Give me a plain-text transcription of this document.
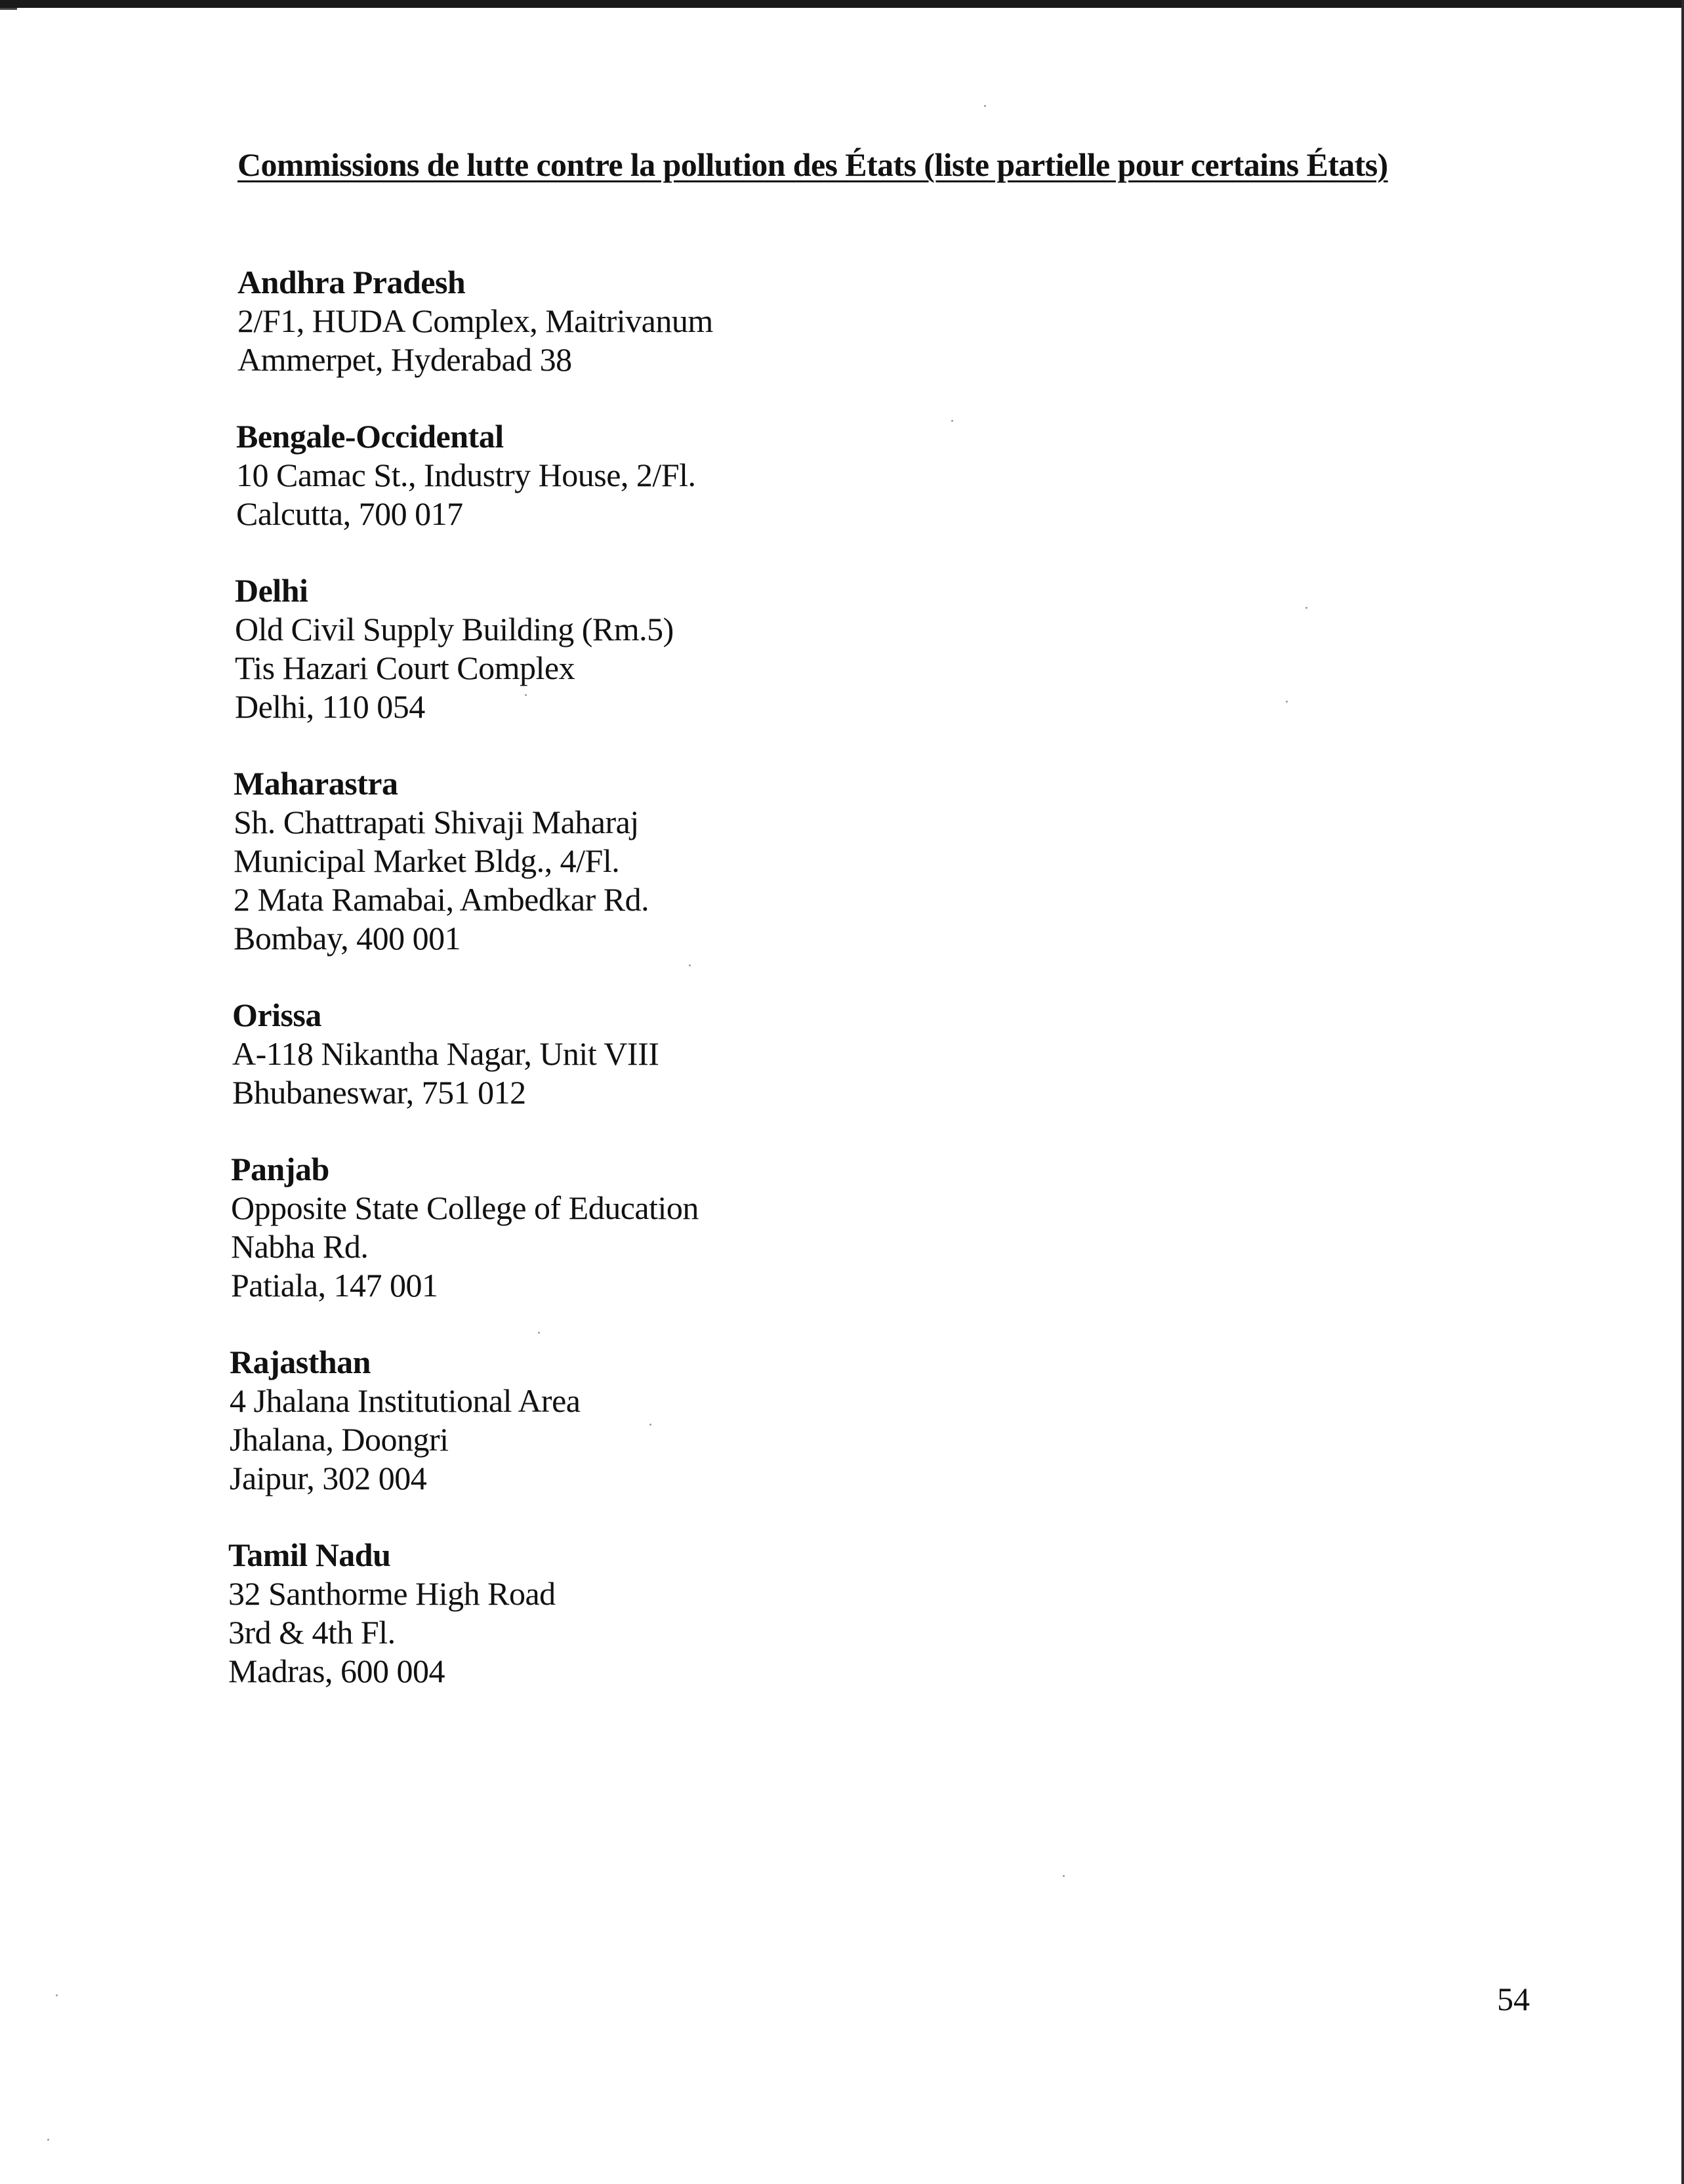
Commissions de lutte contre la pollution des États (liste partielle pour certains États)
Andhra Pradesh
2/F1, HUDA Complex, Maitrivanum
Ammerpet, Hyderabad 38
Bengale-Occidental
10 Camac St., Industry House, 2/Fl.
Calcutta, 700 017
Delhi
Old Civil Supply Building (Rm.5)
Tis Hazari Court Complex
Delhi, 110 054
Maharastra
Sh. Chattrapati Shivaji Maharaj
Municipal Market Bldg., 4/Fl.
2 Mata Ramabai, Ambedkar Rd.
Bombay, 400 001
Orissa
A-118 Nikantha Nagar, Unit VIII
Bhubaneswar, 751 012
Panjab
Opposite State College of Education
Nabha Rd.
Patiala, 147 001
Rajasthan
4 Jhalana Institutional Area
Jhalana, Doongri
Jaipur, 302 004
Tamil Nadu
32 Santhorme High Road
3rd & 4th Fl.
Madras, 600 004
54
